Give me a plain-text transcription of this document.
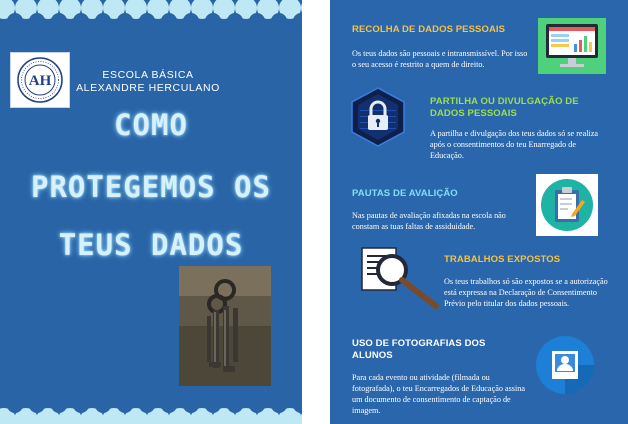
AH	ESCOLA BÁSICA ALEXANDRE HERCULANO
COMO
PROTEGEMOS OS
TEUS DADOS
RECOLHA DE DADOS PESSOAIS
Os teus dados são pessoais e intransmissível. Por isso o seu acesso é restrito a quem de direito.
PARTILHA OU DIVULGAÇÃO DE DADOS PESSOAIS
A partilha e divulgação dos teus dados só se realiza após o consentimentos do teu Enarregado de Educação.
PAUTAS DE AVALIÇÃO
Nas pautas de avaliação afixadas na escola não constam as tuas faltas de assiduidade.
TRABALHOS EXPOSTOS
Os teus trabalhos só são expostos se a autorização está expressa na Declaração de Consentimento Prévio pelo titular dos dados pessoais.
USO DE FOTOGRAFIAS DOS ALUNOS
Para cada evento ou atividade (filmada ou fotografada), o teu Encarregados de Educação assina um documento de consentimento de captação de imagem.
